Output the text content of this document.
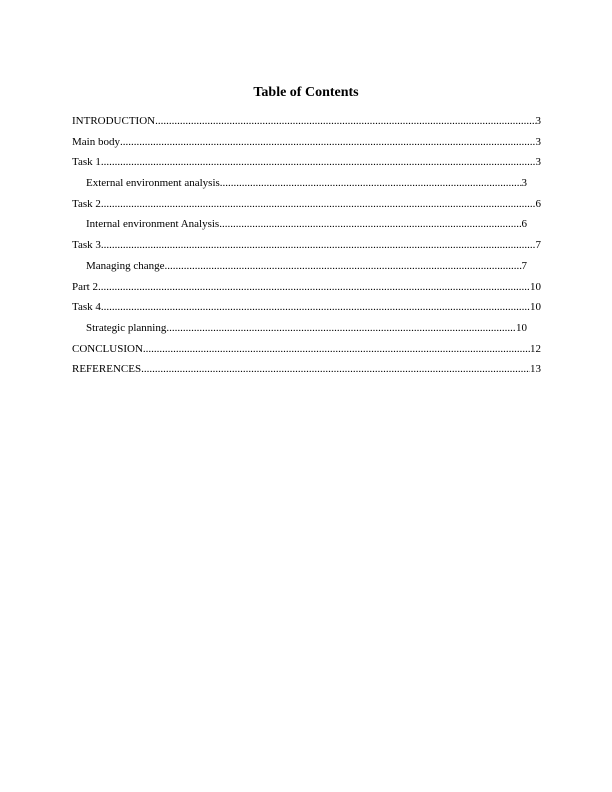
Table of Contents
INTRODUCTION .....	3
Main body .....	3
Task 1 .....	3
External environment analysis .....	3
Task 2 .....	6
Internal environment Analysis .....	6
Task 3 .....	7
Managing change .....	7
Part 2 .....	10
Task 4 .....	10
Strategic planning .....	10
CONCLUSION .....	12
REFERENCES .....	13
